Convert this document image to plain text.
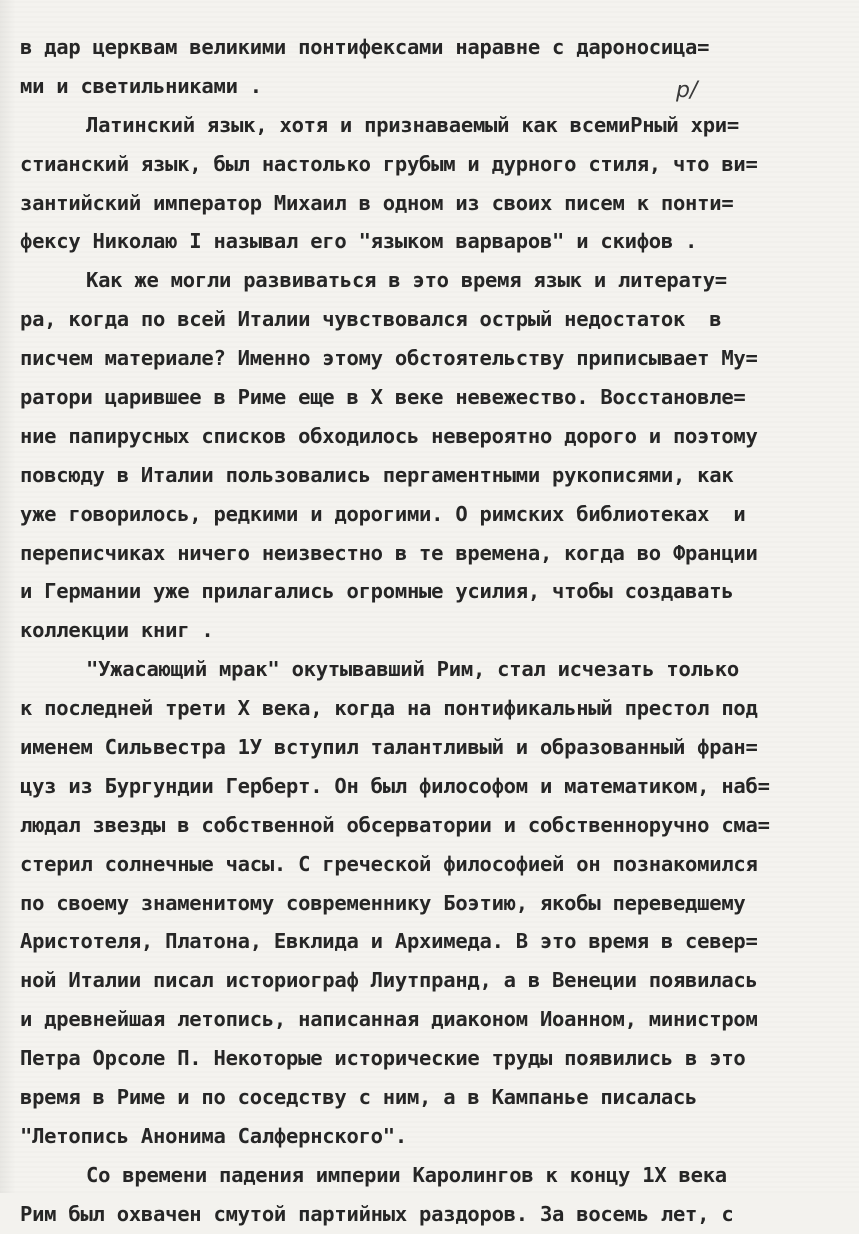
р/
в дар церквам великими понтифексами наравне с дароносица=
ми и светильниками .
Латинский язык, хотя и признаваемый как всемиРный хри=
стианский язык, был настолько грубым и дурного стиля, что ви=
зантийский император Михаил в одном из своих писем к понти=
фексу Николаю I называл его "языком варваров" и скифов .
Как же могли развиваться в это время язык и литерату=
ра, когда по всей Италии чувствовался острый недостаток  в
писчем материале? Именно этому обстоятельству приписывает Му=
ратори царившее в Риме еще в X веке невежество. Восстановле=
ние папирусных списков обходилось невероятно дорого и поэтому
повсюду в Италии пользовались пергаментными рукописями, как
уже говорилось, редкими и дорогими. О римских библиотеках  и
переписчиках ничего неизвестно в те времена, когда во Франции
и Германии уже прилагались огромные усилия, чтобы создавать
коллекции книг .
"Ужасающий мрак" окутывавший Рим, стал исчезать только
к последней трети X века, когда на понтификальный престол под
именем Сильвестра 1У вступил талантливый и образованный фран=
цуз из Бургундии Герберт. Он был философом и математиком, наб=
людал звезды в собственной обсерватории и собственноручно сма=
стерил солнечные часы. С греческой философией он познакомился
по своему знаменитому современнику Боэтию, якобы переведшему
Аристотеля, Платона, Евклида и Архимеда. В это время в север=
ной Италии писал историограф Лиутпранд, а в Венеции появилась
и древнейшая летопись, написанная диаконом Иоанном, министром
Петра Орсоле П. Некоторые исторические труды появились в это
время в Риме и по соседству с ним, а в Кампанье писалась
"Летопись Анонима Салфернского".
Со времени падения империи Каролингов к концу 1X века
Рим был охвачен смутой партийных раздоров. За восемь лет, с
